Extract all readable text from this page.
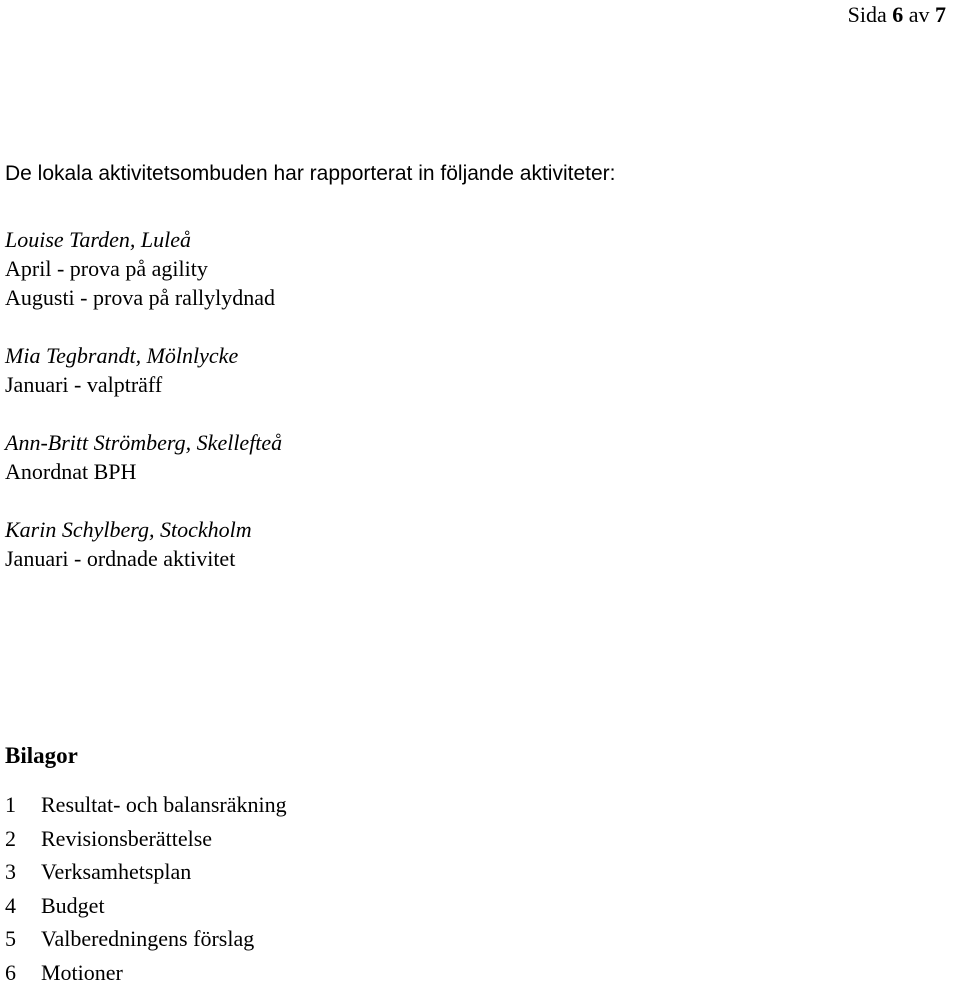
Sida 6 av 7
De lokala aktivitetsombuden har rapporterat in följande aktiviteter:
Louise Tarden, Luleå
April - prova på agility
Augusti - prova på rallylydnad
Mia Tegbrandt, Mölnlycke
Januari - valpträff
Ann-Britt Strömberg, Skellefteå
Anordnat BPH
Karin Schylberg, Stockholm
Januari - ordnade aktivitet
Bilagor
1 Resultat- och balansräkning
2 Revisionsberättelse
3 Verksamhetsplan
4 Budget
5 Valberedningens förslag
6 Motioner
